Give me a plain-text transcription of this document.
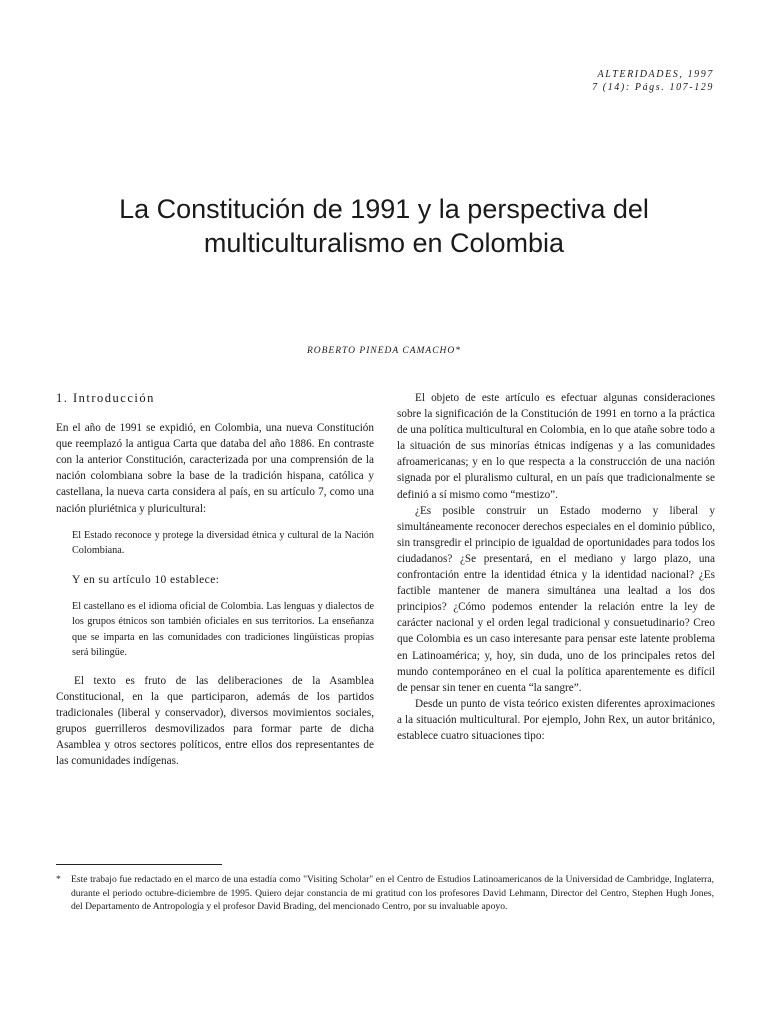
ALTERIDADES, 1997
7 (14): Págs. 107-129
La Constitución de 1991 y la perspectiva del
multiculturalismo en Colombia
ROBERTO PINEDA CAMACHO*
1. Introducción

En el año de 1991 se expidió, en Colombia, una nueva Constitución que reemplazó la antigua Carta que databa del año 1886. En contraste con la anterior Constitución, caracterizada por una comprensión de la nación colombiana sobre la base de la tradición hispana, católica y castellana, la nueva carta considera al país, en su artículo 7, como una nación pluriétnica y pluricultural:

El Estado reconoce y protege la diversidad étnica y cultural de la Nación Colombiana.

Y en su artículo 10 establece:

El castellano es el idioma oficial de Colombia. Las lenguas y dialectos de los grupos étnicos son también oficiales en sus territorios. La enseñanza que se imparta en las comunidades con tradiciones lingüísticas propias será bilingüe.

El texto es fruto de las deliberaciones de la Asamblea Constitucional, en la que participaron, además de los partidos tradicionales (liberal y conservador), diversos movimientos sociales, grupos guerrilleros desmovilizados para formar parte de dicha Asamblea y otros sectores políticos, entre ellos dos representantes de las comunidades indígenas.

El objeto de este artículo es efectuar algunas consideraciones sobre la significación de la Constitución de 1991 en torno a la práctica de una política multicultural en Colombia, en lo que atañe sobre todo a la situación de sus minorías étnicas indígenas y a las comunidades afroamericanas; y en lo que respecta a la construcción de una nación signada por el pluralismo cultural, en un país que tradicionalmente se definió a sí mismo como “mestizo”.

¿Es posible construir un Estado moderno y liberal y simultáneamente reconocer derechos especiales en el dominio público, sin transgredir el principio de igualdad de oportunidades para todos los ciudadanos? ¿Se presentará, en el mediano y largo plazo, una confrontación entre la identidad étnica y la identidad nacional? ¿Es factible mantener de manera simultánea una lealtad a los dos principios? ¿Cómo podemos entender la relación entre la ley de carácter nacional y el orden legal tradicional y consuetudinario? Creo que Colombia es un caso interesante para pensar este latente problema en Latinoamérica; y, hoy, sin duda, uno de los principales retos del mundo contemporáneo en el cual la política aparentemente es difícil de pensar sin tener en cuenta “la sangre”.

Desde un punto de vista teórico existen diferentes aproximaciones a la situación multicultural. Por ejemplo, John Rex, un autor británico, establece cuatro situaciones tipo:

* Este trabajo fue redactado en el marco de una estadía como "Visiting Scholar" en el Centro de Estudios Latinoamericanos de la Universidad de Cambridge, Inglaterra, durante el periodo octubre-diciembre de 1995. Quiero dejar constancia de mi gratitud con los profesores David Lehmann, Director del Centro, Stephen Hugh Jones, del Departamento de Antropología y el profesor David Brading, del mencionado Centro, por su invaluable apoyo.
